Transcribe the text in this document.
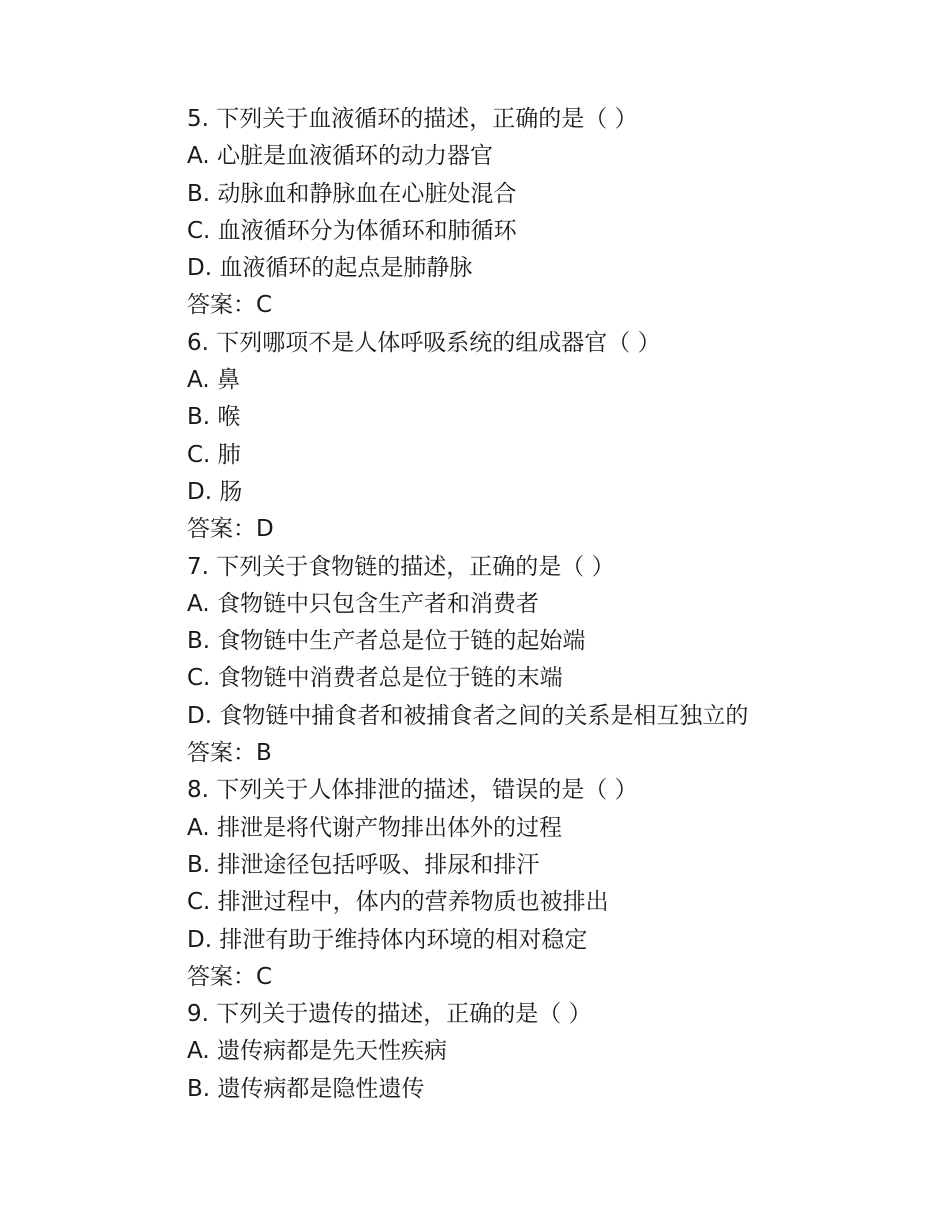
5. 下列关于血液循环的描述，正确的是（ ）
A. 心脏是血液循环的动力器官
B. 动脉血和静脉血在心脏处混合
C. 血液循环分为体循环和肺循环
D. 血液循环的起点是肺静脉
答案：C
6. 下列哪项不是人体呼吸系统的组成器官（ ）
A. 鼻
B. 喉
C. 肺
D. 肠
答案：D
7. 下列关于食物链的描述，正确的是（ ）
A. 食物链中只包含生产者和消费者
B. 食物链中生产者总是位于链的起始端
C. 食物链中消费者总是位于链的末端
D. 食物链中捕食者和被捕食者之间的关系是相互独立的
答案：B
8. 下列关于人体排泄的描述，错误的是（ ）
A. 排泄是将代谢产物排出体外的过程
B. 排泄途径包括呼吸、排尿和排汗
C. 排泄过程中，体内的营养物质也被排出
D. 排泄有助于维持体内环境的相对稳定
答案：C
9. 下列关于遗传的描述，正确的是（ ）
A. 遗传病都是先天性疾病
B. 遗传病都是隐性遗传
